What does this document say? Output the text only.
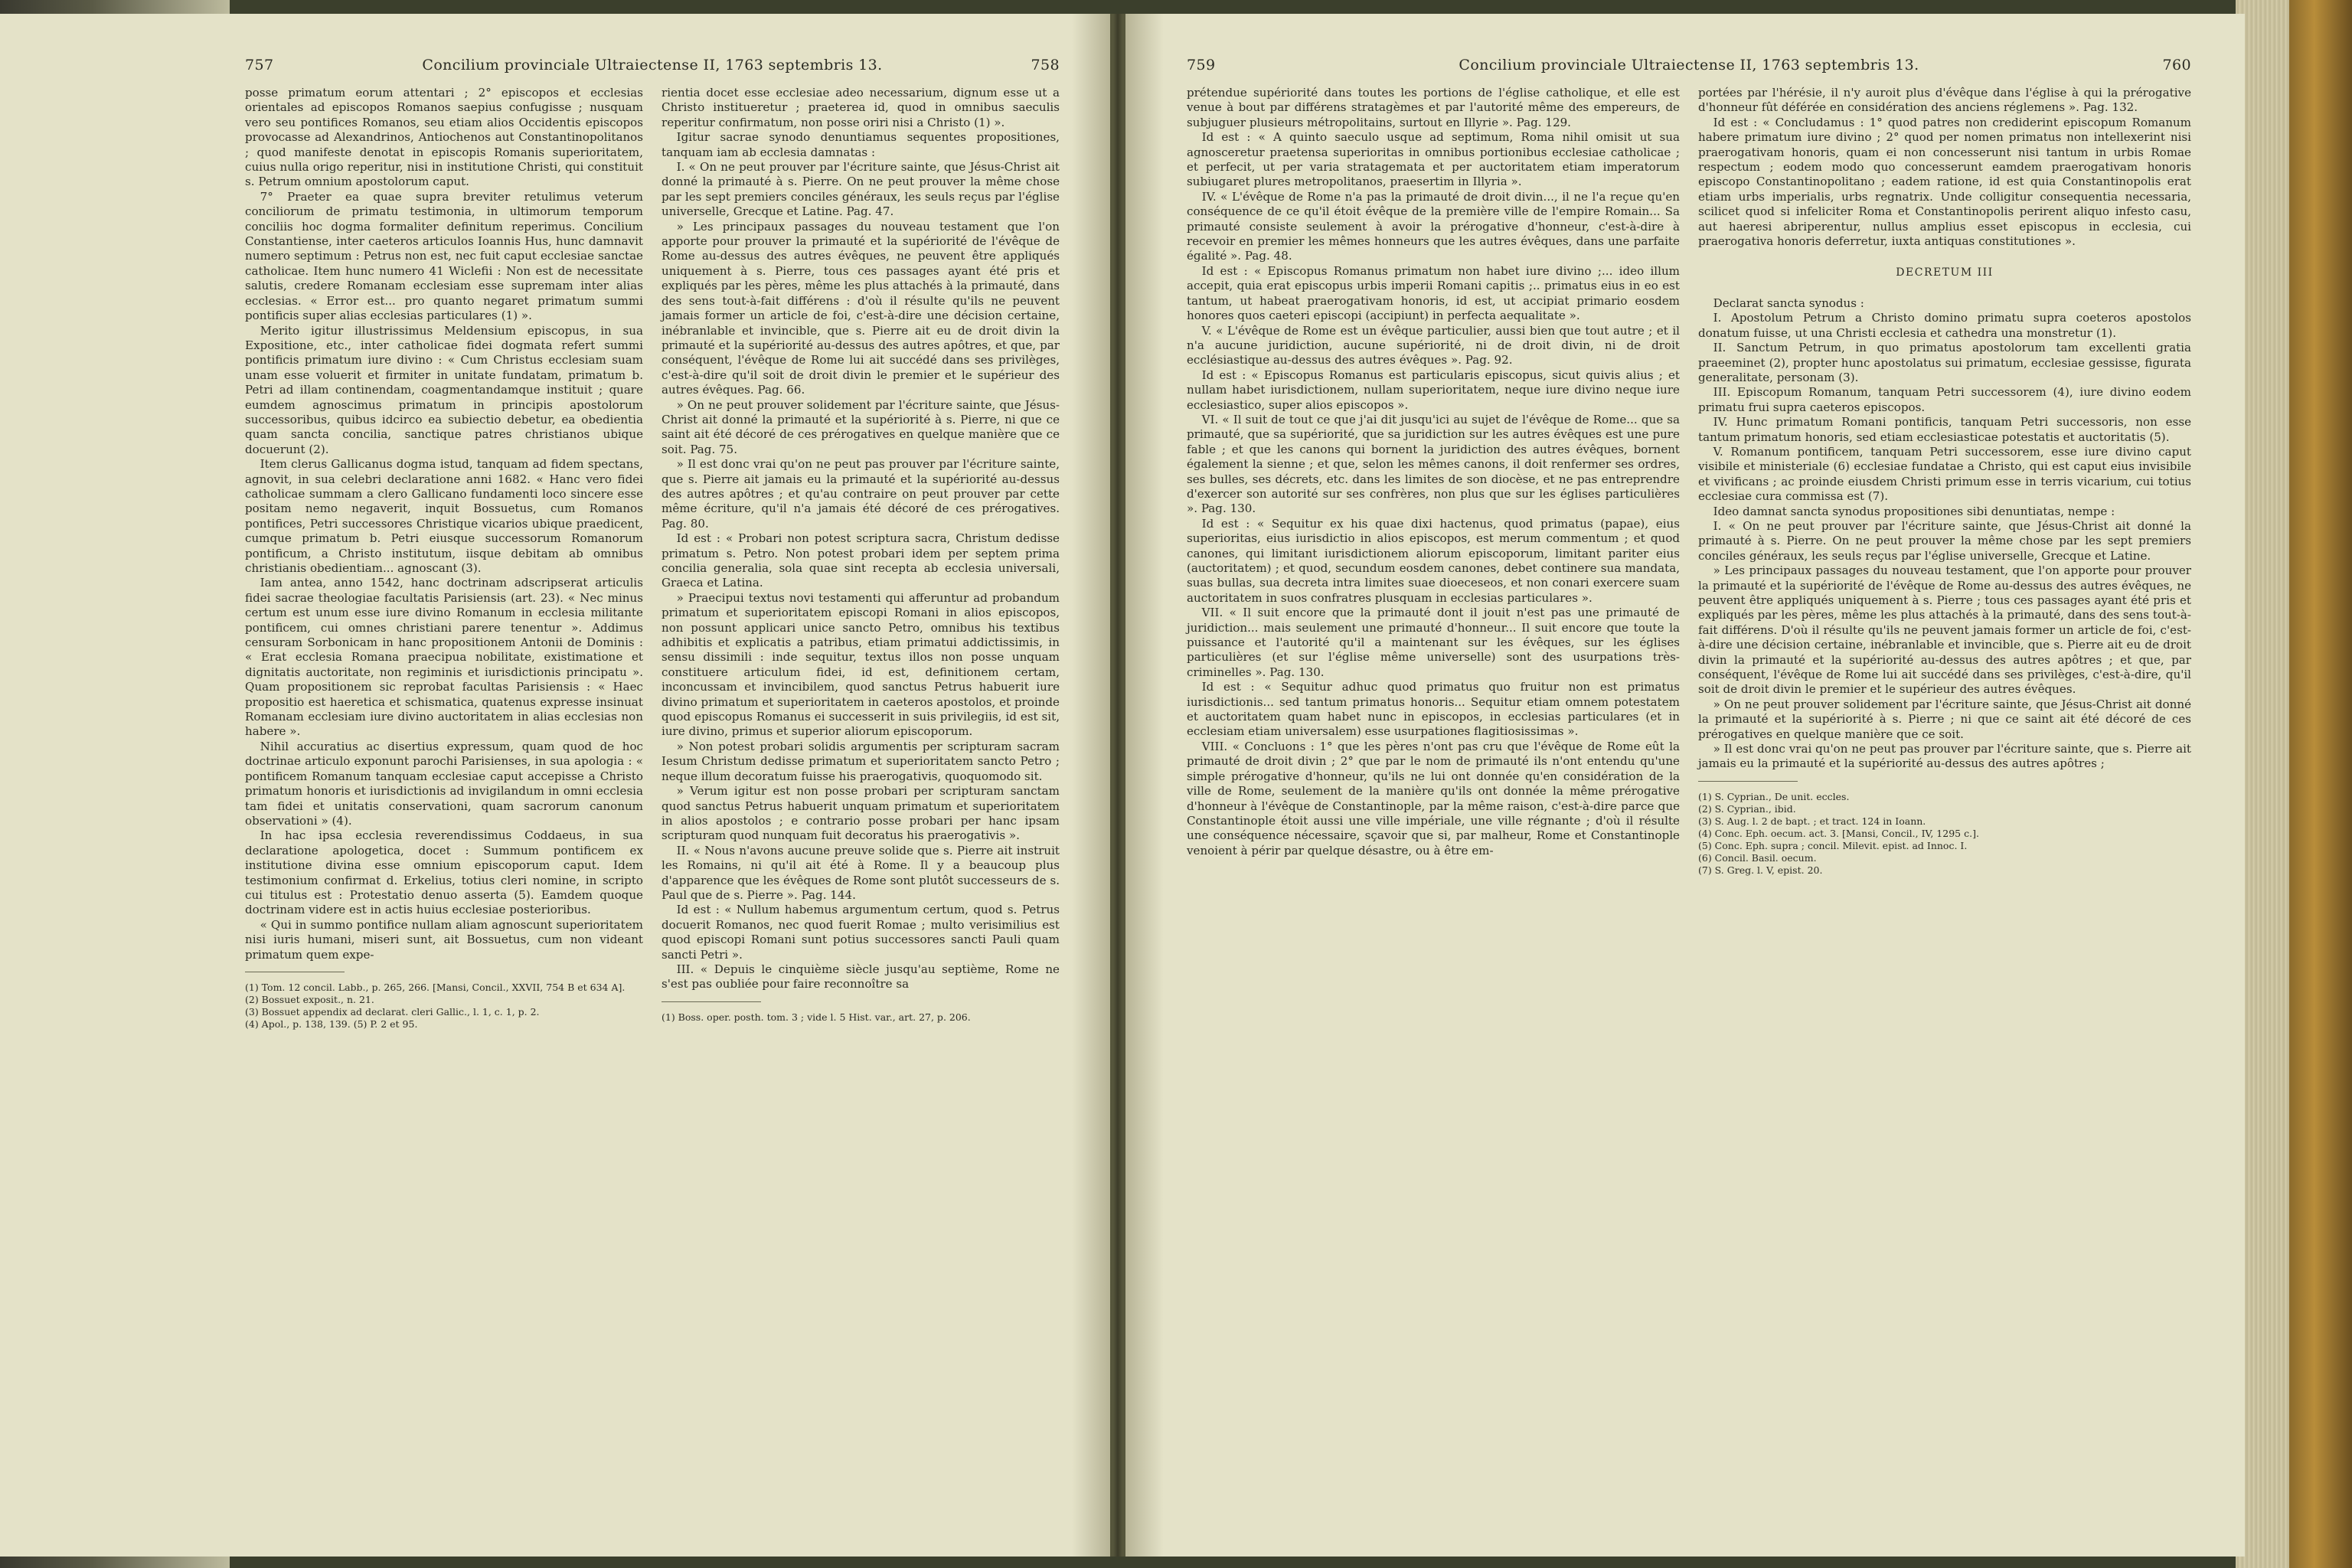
757	Concilium provinciale Ultraiectense II, 1763 septembris 13.	758

posse primatum eorum attentari ; 2° episcopos et ecclesias orientales ad episcopos Romanos saepius confugisse ; nusquam vero seu pontifices Romanos, seu etiam alios Occidentis episcopos provocasse ad Alexandrinos, Antiochenos aut Constantinopolitanos ; quod manifeste denotat in episcopis Romanis superioritatem, cuius nulla origo reperitur, nisi in institutione Christi, qui constituit s. Petrum omnium apostolorum caput.

7° Praeter ea quae supra breviter retulimus veterum conciliorum de primatu testimonia, in ultimorum temporum conciliis hoc dogma formaliter definitum reperimus. Concilium Constantiense, inter caeteros articulos Ioannis Hus, hunc damnavit numero septimum : Petrus non est, nec fuit caput ecclesiae sanctae catholicae. Item hunc numero 41 Wiclefii : Non est de necessitate salutis, credere Romanam ecclesiam esse supremam inter alias ecclesias. « Error est... pro quanto negaret primatum summi pontificis super alias ecclesias particulares (1) ».

Merito igitur illustrissimus Meldensium episcopus, in sua Expositione, etc., inter catholicae fidei dogmata refert summi pontificis primatum iure divino : « Cum Christus ecclesiam suam unam esse voluerit et firmiter in unitate fundatam, primatum b. Petri ad illam continendam, coagmentandamque instituit ; quare eumdem agnoscimus primatum in principis apostolorum successoribus, quibus idcirco ea subiectio debetur, ea obedientia quam sancta concilia, sanctique patres christianos ubique docuerunt (2).

Item clerus Gallicanus dogma istud, tanquam ad fidem spectans, agnovit, in sua celebri declaratione anni 1682. « Hanc vero fidei catholicae summam a clero Gallicano fundamenti loco sincere esse positam nemo negaverit, inquit Bossuetus, cum Romanos pontifices, Petri successores Christique vicarios ubique praedicent, cumque primatum b. Petri eiusque successorum Romanorum pontificum, a Christo institutum, iisque debitam ab omnibus christianis obedientiam... agnoscant (3).

Iam antea, anno 1542, hanc doctrinam adscripserat articulis fidei sacrae theologiae facultatis Parisiensis (art. 23). « Nec minus certum est unum esse iure divino Romanum in ecclesia militante pontificem, cui omnes christiani parere tenentur ». Addimus censuram Sorbonicam in hanc propositionem Antonii de Dominis : « Erat ecclesia Romana praecipua nobilitate, existimatione et dignitatis auctoritate, non regiminis et iurisdictionis principatu ». Quam propositionem sic reprobat facultas Parisiensis : « Haec propositio est haeretica et schismatica, quatenus expresse insinuat Romanam ecclesiam iure divino auctoritatem in alias ecclesias non habere ».

Nihil accuratius ac disertius expressum, quam quod de hoc doctrinae articulo exponunt parochi Parisienses, in sua apologia : « pontificem Romanum tanquam ecclesiae caput accepisse a Christo primatum honoris et iurisdictionis ad invigilandum in omni ecclesia tam fidei et unitatis conservationi, quam sacrorum canonum observationi » (4).

In hac ipsa ecclesia reverendissimus Coddaeus, in sua declaratione apologetica, docet : Summum pontificem ex institutione divina esse omnium episcoporum caput. Idem testimonium confirmat d. Erkelius, totius cleri nomine, in scripto cui titulus est : Protestatio denuo asserta (5). Eamdem quoque doctrinam videre est in actis huius ecclesiae posterioribus.

« Qui in summo pontifice nullam aliam agnoscunt superioritatem nisi iuris humani, miseri sunt, ait Bossuetus, cum non videant primatum quem expe-

(1) Tom. 12 concil. Labb., p. 265, 266. [Mansi, Concil., XXVII, 754 B et 634 A].

(2) Bossuet exposit., n. 21.

(3) Bossuet appendix ad declarat. cleri Gallic., l. 1, c. 1, p. 2.

(4) Apol., p. 138, 139. (5) P. 2 et 95.

rientia docet esse ecclesiae adeo necessarium, dignum esse ut a Christo institueretur ; praeterea id, quod in omnibus saeculis reperitur confirmatum, non posse oriri nisi a Christo (1) ».

Igitur sacrae synodo denuntiamus sequentes propositiones, tanquam iam ab ecclesia damnatas :

I. « On ne peut prouver par l'écriture sainte, que Jésus-Christ ait donné la primauté à s. Pierre. On ne peut prouver la même chose par les sept premiers conciles généraux, les seuls reçus par l'église universelle, Grecque et Latine. Pag. 47.

» Les principaux passages du nouveau testament que l'on apporte pour prouver la primauté et la supériorité de l'évêque de Rome au-dessus des autres évêques, ne peuvent être appliqués uniquement à s. Pierre, tous ces passages ayant été pris et expliqués par les pères, même les plus attachés à la primauté, dans des sens tout-à-fait différens : d'où il résulte qu'ils ne peuvent jamais former un article de foi, c'est-à-dire une décision certaine, inébranlable et invincible, que s. Pierre ait eu de droit divin la primauté et la supériorité au-dessus des autres apôtres, et que, par conséquent, l'évêque de Rome lui ait succédé dans ses privilèges, c'est-à-dire qu'il soit de droit divin le premier et le supérieur des autres évêques. Pag. 66.

» On ne peut prouver solidement par l'écriture sainte, que Jésus-Christ ait donné la primauté et la supériorité à s. Pierre, ni que ce saint ait été décoré de ces prérogatives en quelque manière que ce soit. Pag. 75.

» Il est donc vrai qu'on ne peut pas prouver par l'écriture sainte, que s. Pierre ait jamais eu la primauté et la supériorité au-dessus des autres apôtres ; et qu'au contraire on peut prouver par cette même écriture, qu'il n'a jamais été décoré de ces prérogatives. Pag. 80.

Id est : « Probari non potest scriptura sacra, Christum dedisse primatum s. Petro. Non potest probari idem per septem prima concilia generalia, sola quae sint recepta ab ecclesia universali, Graeca et Latina.

» Praecipui textus novi testamenti qui afferuntur ad probandum primatum et superioritatem episcopi Romani in alios episcopos, non possunt applicari unice sancto Petro, omnibus his textibus adhibitis et explicatis a patribus, etiam primatui addictissimis, in sensu dissimili : inde sequitur, textus illos non posse unquam constituere articulum fidei, id est, definitionem certam, inconcussam et invincibilem, quod sanctus Petrus habuerit iure divino primatum et superioritatem in caeteros apostolos, et proinde quod episcopus Romanus ei successerit in suis privilegiis, id est sit, iure divino, primus et superior aliorum episcoporum.

» Non potest probari solidis argumentis per scripturam sacram Iesum Christum dedisse primatum et superioritatem sancto Petro ; neque illum decoratum fuisse his praerogativis, quoquomodo sit.

» Verum igitur est non posse probari per scripturam sanctam quod sanctus Petrus habuerit unquam primatum et superioritatem in alios apostolos ; e contrario posse probari per hanc ipsam scripturam quod nunquam fuit decoratus his praerogativis ».

II. « Nous n'avons aucune preuve solide que s. Pierre ait instruit les Romains, ni qu'il ait été à Rome. Il y a beaucoup plus d'apparence que les évêques de Rome sont plutôt successeurs de s. Paul que de s. Pierre ». Pag. 144.

Id est : « Nullum habemus argumentum certum, quod s. Petrus docuerit Romanos, nec quod fuerit Romae ; multo verisimilius est quod episcopi Romani sunt potius successores sancti Pauli quam sancti Petri ».

III. « Depuis le cinquième siècle jusqu'au septième, Rome ne s'est pas oubliée pour faire reconnoître sa

(1) Boss. oper. posth. tom. 3 ; vide l. 5 Hist. var., art. 27, p. 206.

759	Concilium provinciale Ultraiectense II, 1763 septembris 13.	760

prétendue supériorité dans toutes les portions de l'église catholique, et elle est venue à bout par différens stratagèmes et par l'autorité même des empereurs, de subjuguer plusieurs métropolitains, surtout en Illyrie ». Pag. 129.

Id est : « A quinto saeculo usque ad septimum, Roma nihil omisit ut sua agnosceretur praetensa superioritas in omnibus portionibus ecclesiae catholicae ; et perfecit, ut per varia stratagemata et per auctoritatem etiam imperatorum subiugaret plures metropolitanos, praesertim in Illyria ».

IV. « L'évêque de Rome n'a pas la primauté de droit divin..., il ne l'a reçue qu'en conséquence de ce qu'il étoit évêque de la première ville de l'empire Romain... Sa primauté consiste seulement à avoir la prérogative d'honneur, c'est-à-dire à recevoir en premier les mêmes honneurs que les autres évêques, dans une parfaite égalité ». Pag. 48.

Id est : « Episcopus Romanus primatum non habet iure divino ;... ideo illum accepit, quia erat episcopus urbis imperii Romani capitis ;.. primatus eius in eo est tantum, ut habeat praerogativam honoris, id est, ut accipiat primario eosdem honores quos caeteri episcopi (accipiunt) in perfecta aequalitate ».

V. « L'évêque de Rome est un évêque particulier, aussi bien que tout autre ; et il n'a aucune juridiction, aucune supériorité, ni de droit divin, ni de droit ecclésiastique au-dessus des autres évêques ». Pag. 92.

Id est : « Episcopus Romanus est particularis episcopus, sicut quivis alius ; et nullam habet iurisdictionem, nullam superioritatem, neque iure divino neque iure ecclesiastico, super alios episcopos ».

VI. « Il suit de tout ce que j'ai dit jusqu'ici au sujet de l'évêque de Rome... que sa primauté, que sa supériorité, que sa juridiction sur les autres évêques est une pure fable ; et que les canons qui bornent la juridiction des autres évêques, bornent également la sienne ; et que, selon les mêmes canons, il doit renfermer ses ordres, ses bulles, ses décrets, etc. dans les limites de son diocèse, et ne pas entreprendre d'exercer son autorité sur ses confrères, non plus que sur les églises particulières ». Pag. 130.

Id est : « Sequitur ex his quae dixi hactenus, quod primatus (papae), eius superioritas, eius iurisdictio in alios episcopos, est merum commentum ; et quod canones, qui limitant iurisdictionem aliorum episcoporum, limitant pariter eius (auctoritatem) ; et quod, secundum eosdem canones, debet continere sua mandata, suas bullas, sua decreta intra limites suae dioeceseos, et non conari exercere suam auctoritatem in suos confratres plusquam in ecclesias particulares ».

VII. « Il suit encore que la primauté dont il jouit n'est pas une primauté de juridiction... mais seulement une primauté d'honneur... Il suit encore que toute la puissance et l'autorité qu'il a maintenant sur les évêques, sur les églises particulières (et sur l'église même universelle) sont des usurpations très-criminelles ». Pag. 130.

Id est : « Sequitur adhuc quod primatus quo fruitur non est primatus iurisdictionis... sed tantum primatus honoris... Sequitur etiam omnem potestatem et auctoritatem quam habet nunc in episcopos, in ecclesias particulares (et in ecclesiam etiam universalem) esse usurpationes flagitiosissimas ».

VIII. « Concluons : 1° que les pères n'ont pas cru que l'évêque de Rome eût la primauté de droit divin ; 2° que par le nom de primauté ils n'ont entendu qu'une simple prérogative d'honneur, qu'ils ne lui ont donnée qu'en considération de la ville de Rome, seulement de la manière qu'ils ont donnée la même prérogative d'honneur à l'évêque de Constantinople, par la même raison, c'est-à-dire parce que Constantinople étoit aussi une ville impériale, une ville régnante ; d'où il résulte une conséquence nécessaire, sçavoir que si, par malheur, Rome et Constantinople venoient à périr par quelque désastre, ou à être em-

portées par l'hérésie, il n'y auroit plus d'évêque dans l'église à qui la prérogative d'honneur fût déférée en considération des anciens réglemens ». Pag. 132.

Id est : « Concludamus : 1° quod patres non crediderint episcopum Romanum habere primatum iure divino ; 2° quod per nomen primatus non intellexerint nisi praerogativam honoris, quam ei non concesserunt nisi tantum in urbis Romae respectum ; eodem modo quo concesserunt eamdem praerogativam honoris episcopo Constantinopolitano ; eadem ratione, id est quia Constantinopolis erat etiam urbs imperialis, urbs regnatrix. Unde colligitur consequentia necessaria, scilicet quod si infeliciter Roma et Constantinopolis perirent aliquo infesto casu, aut haeresi abriperentur, nullus amplius esset episcopus in ecclesia, cui praerogativa honoris deferretur, iuxta antiquas constitutiones ».

DECRETUM III

Declarat sancta synodus :

I. Apostolum Petrum a Christo domino primatu supra coeteros apostolos donatum fuisse, ut una Christi ecclesia et cathedra una monstretur (1).

II. Sanctum Petrum, in quo primatus apostolorum tam excellenti gratia praeeminet (2), propter hunc apostolatus sui primatum, ecclesiae gessisse, figurata generalitate, personam (3).

III. Episcopum Romanum, tanquam Petri successorem (4), iure divino eodem primatu frui supra caeteros episcopos.

IV. Hunc primatum Romani pontificis, tanquam Petri successoris, non esse tantum primatum honoris, sed etiam ecclesiasticae potestatis et auctoritatis (5).

V. Romanum pontificem, tanquam Petri successorem, esse iure divino caput visibile et ministeriale (6) ecclesiae fundatae a Christo, qui est caput eius invisibile et vivificans ; ac proinde eiusdem Christi primum esse in terris vicarium, cui totius ecclesiae cura commissa est (7).

Ideo damnat sancta synodus propositiones sibi denuntiatas, nempe :

I. « On ne peut prouver par l'écriture sainte, que Jésus-Christ ait donné la primauté à s. Pierre. On ne peut prouver la même chose par les sept premiers conciles généraux, les seuls reçus par l'église universelle, Grecque et Latine.

» Les principaux passages du nouveau testament, que l'on apporte pour prouver la primauté et la supériorité de l'évêque de Rome au-dessus des autres évêques, ne peuvent être appliqués uniquement à s. Pierre ; tous ces passages ayant été pris et expliqués par les pères, même les plus attachés à la primauté, dans des sens tout-à-fait différens. D'où il résulte qu'ils ne peuvent jamais former un article de foi, c'est-à-dire une décision certaine, inébranlable et invincible, que s. Pierre ait eu de droit divin la primauté et la supériorité au-dessus des autres apôtres ; et que, par conséquent, l'évêque de Rome lui ait succédé dans ses privilèges, c'est-à-dire, qu'il soit de droit divin le premier et le supérieur des autres évêques.

» On ne peut prouver solidement par l'écriture sainte, que Jésus-Christ ait donné la primauté et la supériorité à s. Pierre ; ni que ce saint ait été décoré de ces prérogatives en quelque manière que ce soit.

» Il est donc vrai qu'on ne peut pas prouver par l'écriture sainte, que s. Pierre ait jamais eu la primauté et la supériorité au-dessus des autres apôtres ;

(1) S. Cyprian., De unit. eccles.

(2) S. Cyprian., ibid.

(3) S. Aug. l. 2 de bapt. ; et tract. 124 in Ioann.

(4) Conc. Eph. oecum. act. 3. [Mansi, Concil., IV, 1295 c.].

(5) Conc. Eph. supra ; concil. Milevit. epist. ad Innoc. I.

(6) Concil. Basil. oecum.

(7) S. Greg. l. V, epist. 20.
